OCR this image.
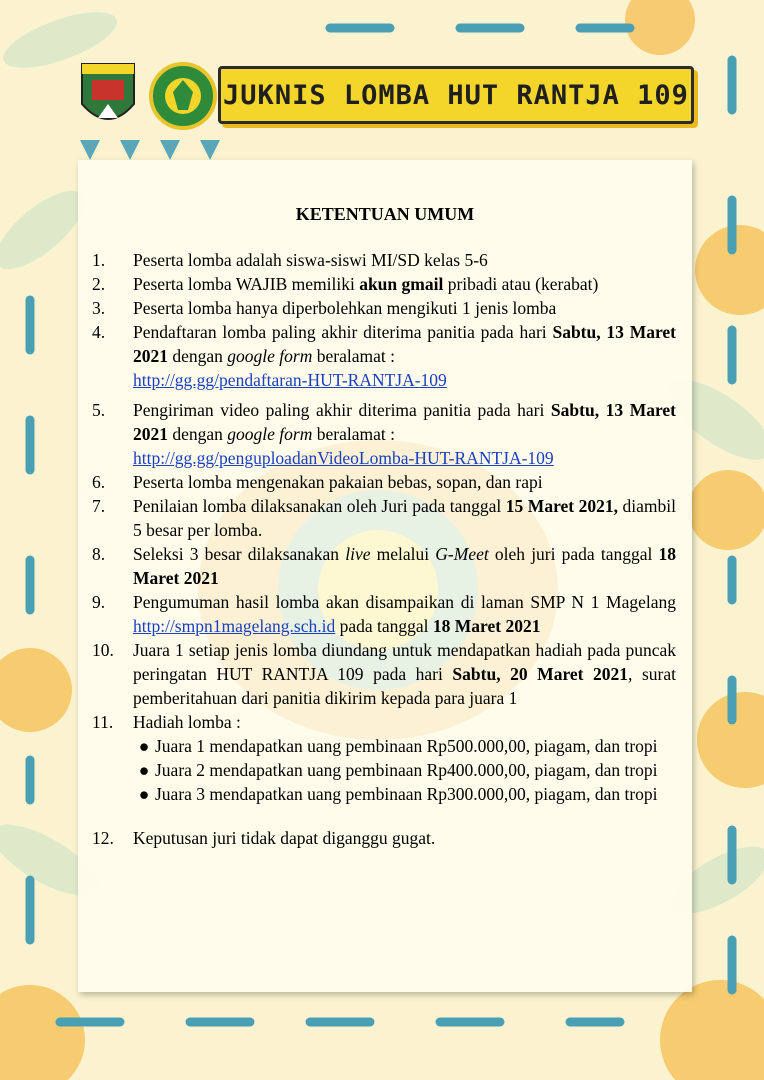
JUKNIS LOMBA HUT RANTJA 109
KETENTUAN UMUM
1.	Peserta lomba adalah siswa-siswi MI/SD kelas 5-6
2.	Peserta lomba WAJIB memiliki akun gmail pribadi atau (kerabat)
3.	Peserta lomba hanya diperbolehkan mengikuti 1 jenis lomba
4.	Pendaftaran lomba paling akhir diterima panitia pada hari Sabtu, 13 Maret 2021 dengan google form beralamat :
http://gg.gg/pendaftaran-HUT-RANTJA-109
5.	Pengiriman video paling akhir diterima panitia pada hari Sabtu, 13 Maret 2021 dengan google form beralamat :
http://gg.gg/penguploadanVideoLomba-HUT-RANTJA-109
6.	Peserta lomba mengenakan pakaian bebas, sopan, dan rapi
7.	Penilaian lomba dilaksanakan oleh Juri pada tanggal 15 Maret 2021, diambil 5 besar per lomba.
8.	Seleksi 3 besar dilaksanakan live melalui G-Meet oleh juri pada tanggal 18 Maret 2021
9.	Pengumuman hasil lomba akan disampaikan di laman SMP N 1 Magelang http://smpn1magelang.sch.id pada tanggal 18 Maret 2021
10.	Juara 1 setiap jenis lomba diundang untuk mendapatkan hadiah pada puncak peringatan HUT RANTJA 109 pada hari Sabtu, 20 Maret 2021, surat pemberitahuan dari panitia dikirim kepada para juara 1
11.	Hadiah lomba :
● Juara 1 mendapatkan uang pembinaan Rp500.000,00, piagam, dan tropi
● Juara 2 mendapatkan uang pembinaan Rp400.000,00, piagam, dan tropi
● Juara 3 mendapatkan uang pembinaan Rp300.000,00, piagam, dan tropi
12.	Keputusan juri tidak dapat diganggu gugat.
